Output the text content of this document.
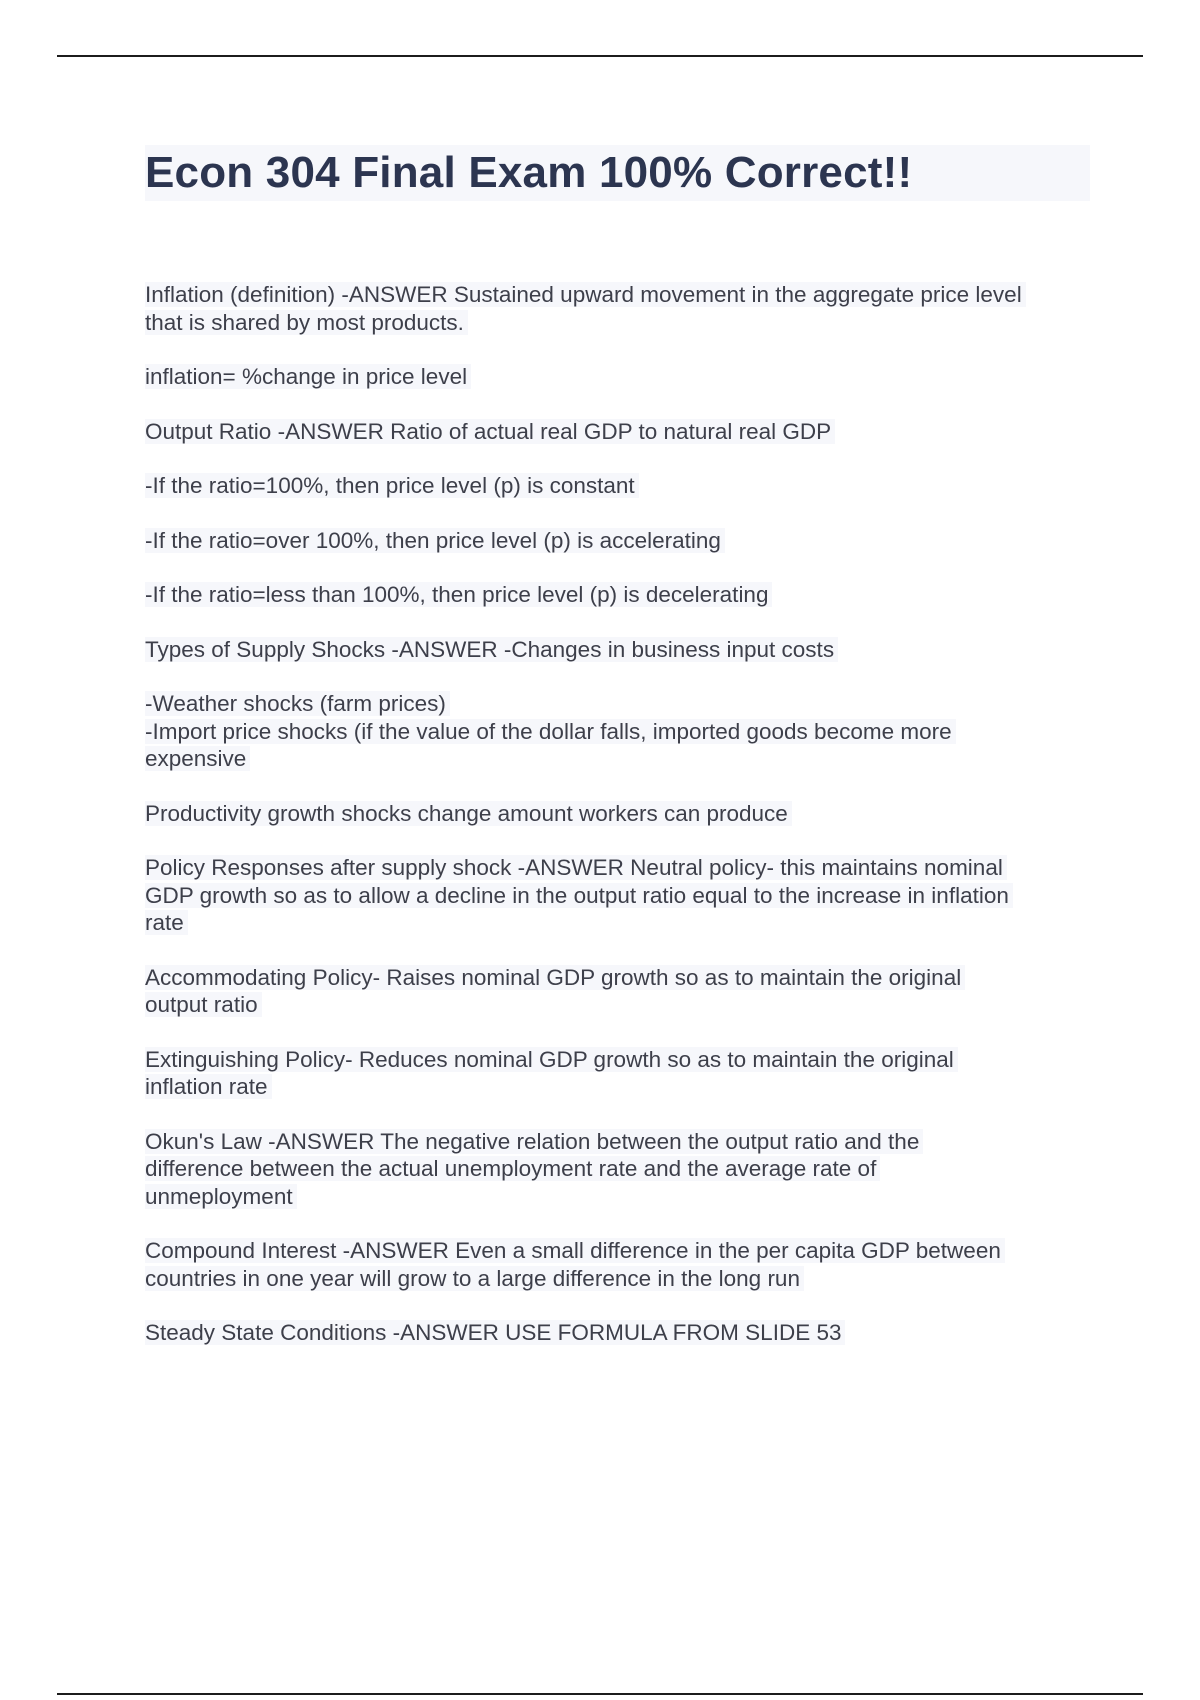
Econ 304 Final Exam 100% Correct!!

Inflation (definition) -ANSWER Sustained upward movement in the aggregate price level
that is shared by most products.

inflation= %change in price level

Output Ratio -ANSWER Ratio of actual real GDP to natural real GDP

-If the ratio=100%, then price level (p) is constant

-If the ratio=over 100%, then price level (p) is accelerating

-If the ratio=less than 100%, then price level (p) is decelerating

Types of Supply Shocks -ANSWER -Changes in business input costs

-Weather shocks (farm prices)
-Import price shocks (if the value of the dollar falls, imported goods become more
expensive

Productivity growth shocks change amount workers can produce

Policy Responses after supply shock -ANSWER Neutral policy- this maintains nominal
GDP growth so as to allow a decline in the output ratio equal to the increase in inflation
rate

Accommodating Policy- Raises nominal GDP growth so as to maintain the original
output ratio

Extinguishing Policy- Reduces nominal GDP growth so as to maintain the original
inflation rate

Okun's Law -ANSWER The negative relation between the output ratio and the
difference between the actual unemployment rate and the average rate of
unmeployment

Compound Interest -ANSWER Even a small difference in the per capita GDP between
countries in one year will grow to a large difference in the long run

Steady State Conditions -ANSWER USE FORMULA FROM SLIDE 53
